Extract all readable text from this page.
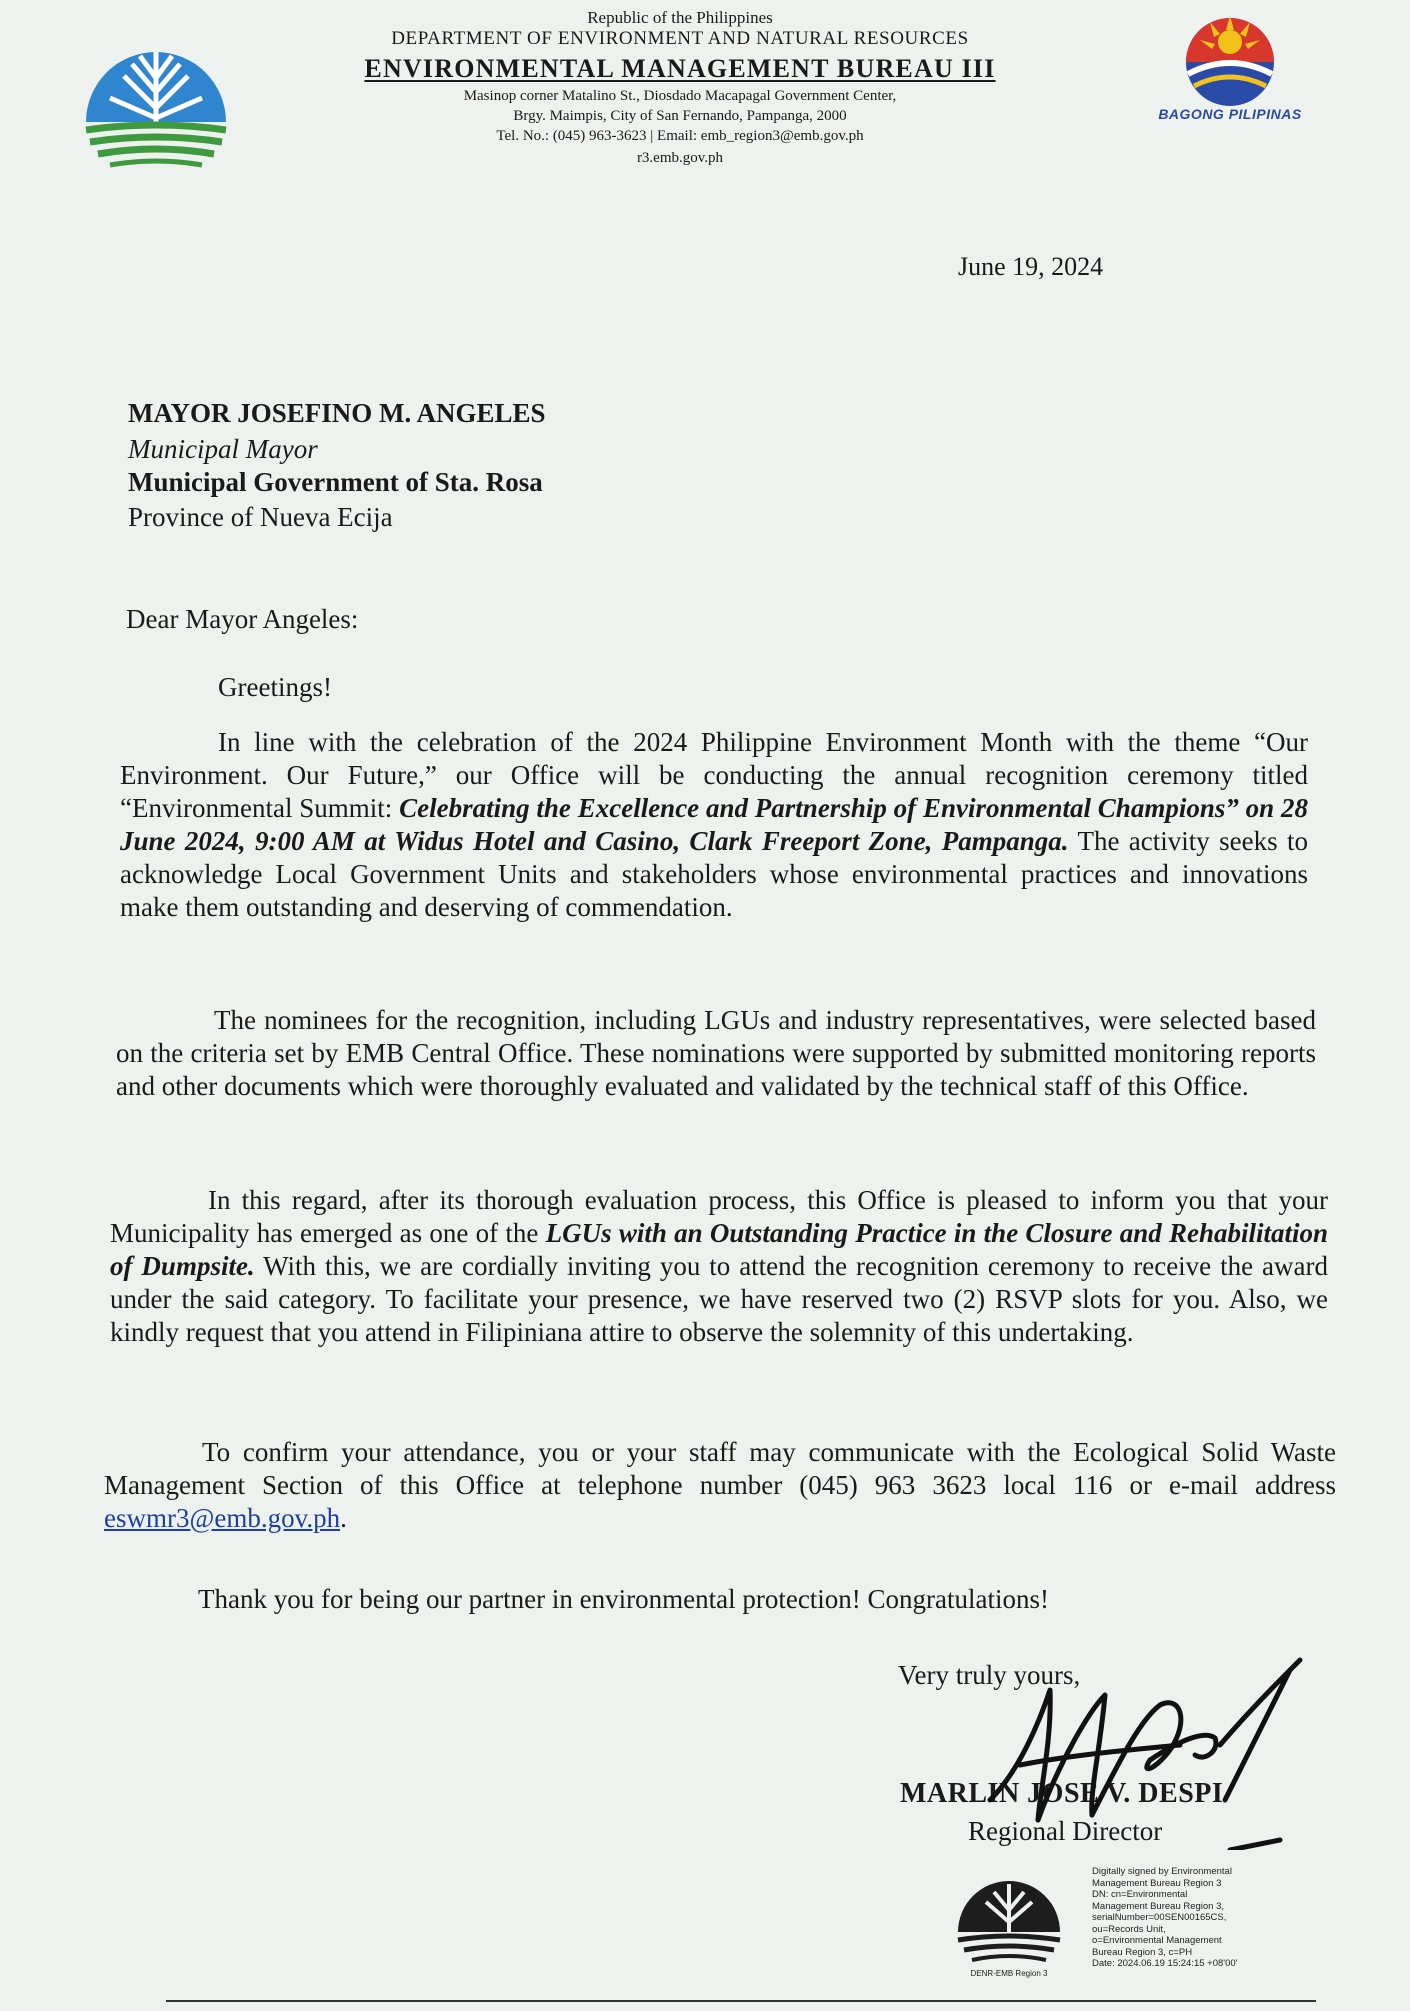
Republic of the Philippines
DEPARTMENT OF ENVIRONMENT AND NATURAL RESOURCES
ENVIRONMENTAL MANAGEMENT BUREAU III
Masinop corner Matalino St., Diosdado Macapagal Government Center,
Brgy. Maimpis, City of San Fernando, Pampanga, 2000
Tel. No.: (045) 963-3623 | Email: emb_region3@emb.gov.ph
r3.emb.gov.ph
BAGONG PILIPINAS
June 19, 2024
MAYOR JOSEFINO M. ANGELES
Municipal Mayor
Municipal Government of Sta. Rosa
Province of Nueva Ecija
Dear Mayor Angeles:
Greetings!

In line with the celebration of the 2024 Philippine Environment Month with the theme “Our Environment. Our Future,” our Office will be conducting the annual recognition ceremony titled “Environmental Summit: Celebrating the Excellence and Partnership of Environmental Champions” on 28 June 2024, 9:00 AM at Widus Hotel and Casino, Clark Freeport Zone, Pampanga. The activity seeks to acknowledge Local Government Units and stakeholders whose environmental practices and innovations make them outstanding and deserving of commendation.

The nominees for the recognition, including LGUs and industry representatives, were selected based on the criteria set by EMB Central Office. These nominations were supported by submitted monitoring reports and other documents which were thoroughly evaluated and validated by the technical staff of this Office.

In this regard, after its thorough evaluation process, this Office is pleased to inform you that your Municipality has emerged as one of the LGUs with an Outstanding Practice in the Closure and Rehabilitation of Dumpsite. With this, we are cordially inviting you to attend the recognition ceremony to receive the award under the said category. To facilitate your presence, we have reserved two (2) RSVP slots for you. Also, we kindly request that you attend in Filipiniana attire to observe the solemnity of this undertaking.

To confirm your attendance, you or your staff may communicate with the Ecological Solid Waste Management Section of this Office at telephone number (045) 963 3623 local 116 or e-mail address eswmr3@emb.gov.ph.

Thank you for being our partner in environmental protection! Congratulations!
Very truly yours,
MARLIN JOSE V. DESPI
Regional Director
DENR-EMB Region 3
Digitally signed by Environmental
Management Bureau Region 3
DN: cn=Environmental
Management Bureau Region 3,
serialNumber=00SEN00165CS,
ou=Records Unit,
o=Environmental Management
Bureau Region 3, c=PH
Date: 2024.06.19 15:24:15 +08'00'
